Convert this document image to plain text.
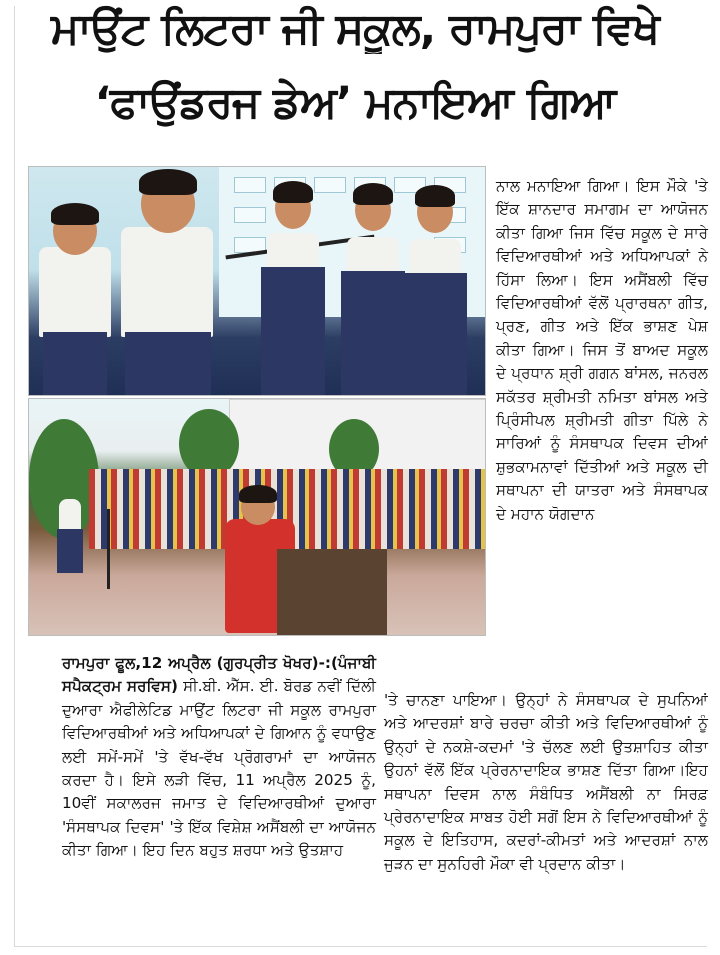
ਮਾਉਂਟ ਲਿਟਰਾ ਜੀ ਸਕੂਲ, ਰਾਮਪੁਰਾ ਵਿਖੇ
‘ਫਾਉਂਡਰਜ ਡੇਅ’ ਮਨਾਇਆ ਗਿਆ

ਨਾਲ ਮਨਾਇਆ ਗਿਆ। ਇਸ ਮੌਕੇ 'ਤੇ ਇੱਕ ਸ਼ਾਨਦਾਰ ਸਮਾਗਮ ਦਾ ਆਯੋਜਨ ਕੀਤਾ ਗਿਆ ਜਿਸ ਵਿੱਚ ਸਕੂਲ ਦੇ ਸਾਰੇ ਵਿਦਿਆਰਥੀਆਂ ਅਤੇ ਅਧਿਆਪਕਾਂ ਨੇ ਹਿੱਸਾ ਲਿਆ। ਇਸ ਅਸੈਂਬਲੀ ਵਿੱਚ ਵਿਦਿਆਰਥੀਆਂ ਵੱਲੋਂ ਪ੍ਰਾਰਥਨਾ ਗੀਤ, ਪ੍ਰਣ, ਗੀਤ ਅਤੇ ਇੱਕ ਭਾਸ਼ਣ ਪੇਸ਼ ਕੀਤਾ ਗਿਆ। ਜਿਸ ਤੋਂ ਬਾਅਦ ਸਕੂਲ ਦੇ ਪ੍ਰਧਾਨ ਸ਼੍ਰੀ ਗਗਨ ਬਾਂਸਲ, ਜਨਰਲ ਸਕੱਤਰ ਸ਼੍ਰੀਮਤੀ ਨਮਿਤਾ ਬਾਂਸਲ ਅਤੇ ਪ੍ਰਿੰਸੀਪਲ ਸ਼੍ਰੀਮਤੀ ਗੀਤਾ ਪਿੱਲੇ ਨੇ ਸਾਰਿਆਂ ਨੂੰ ਸੰਸਥਾਪਕ ਦਿਵਸ ਦੀਆਂ ਸ਼ੁਭਕਾਮਨਾਵਾਂ ਦਿੱਤੀਆਂ ਅਤੇ ਸਕੂਲ ਦੀ ਸਥਾਪਨਾ ਦੀ ਯਾਤਰਾ ਅਤੇ ਸੰਸਥਾਪਕ ਦੇ ਮਹਾਨ ਯੋਗਦਾਨ

ਰਾਮਪੁਰਾ ਫੂਲ,12 ਅਪ੍ਰੈਲ (ਗੁਰਪ੍ਰੀਤ ਖੋਖਰ)-:(ਪੰਜਾਬੀ ਸਪੈਕਟ੍ਰਮ ਸਰਵਿਸ) ਸੀ.ਬੀ. ਐੱਸ. ਈ. ਬੋਰਡ ਨਵੀਂ ਦਿੱਲੀ ਦੁਆਰਾ ਐਫੀਲੇਟਿਡ ਮਾਉਂਟ ਲਿਟਰਾ ਜੀ ਸਕੂਲ ਰਾਮਪੁਰਾ ਵਿਦਿਆਰਥੀਆਂ ਅਤੇ ਅਧਿਆਪਕਾਂ ਦੇ ਗਿਆਨ ਨੂੰ ਵਧਾਉਣ ਲਈ ਸਮੇਂ-ਸਮੇਂ 'ਤੇ ਵੱਖ-ਵੱਖ ਪ੍ਰੋਗਰਾਮਾਂ ਦਾ ਆਯੋਜਨ ਕਰਦਾ ਹੈ। ਇਸੇ ਲੜੀ ਵਿੱਚ, 11 ਅਪ੍ਰੈਲ 2025 ਨੂੰ, 10ਵੀਂ ਸਕਾਲਰਜ ਜਮਾਤ ਦੇ ਵਿਦਿਆਰਥੀਆਂ ਦੁਆਰਾ 'ਸੰਸਥਾਪਕ ਦਿਵਸ' 'ਤੇ ਇੱਕ ਵਿਸ਼ੇਸ਼ ਅਸੈਂਬਲੀ ਦਾ ਆਯੋਜਨ ਕੀਤਾ ਗਿਆ। ਇਹ ਦਿਨ ਬਹੁਤ ਸ਼ਰਧਾ ਅਤੇ ਉਤਸ਼ਾਹ

'ਤੇ ਚਾਨਣਾ ਪਾਇਆ। ਉਨ੍ਹਾਂ ਨੇ ਸੰਸਥਾਪਕ ਦੇ ਸੁਪਨਿਆਂ ਅਤੇ ਆਦਰਸ਼ਾਂ ਬਾਰੇ ਚਰਚਾ ਕੀਤੀ ਅਤੇ ਵਿਦਿਆਰਥੀਆਂ ਨੂੰ ਉਨ੍ਹਾਂ ਦੇ ਨਕਸ਼ੇ-ਕਦਮਾਂ 'ਤੇ ਚੱਲਣ ਲਈ ਉਤਸ਼ਾਹਿਤ ਕੀਤਾ ਉਹਨਾਂ ਵੱਲੋਂ ਇੱਕ ਪ੍ਰੇਰਨਾਦਾਇਕ ਭਾਸ਼ਣ ਦਿੱਤਾ ਗਿਆ।ਇਹ ਸਥਾਪਨਾ ਦਿਵਸ ਨਾਲ ਸੰਬੰਧਿਤ ਅਸੈਂਬਲੀ ਨਾ ਸਿਰਫ਼ ਪ੍ਰੇਰਨਾਦਾਇਕ ਸਾਬਤ ਹੋਈ ਸਗੋਂ ਇਸ ਨੇ ਵਿਦਿਆਰਥੀਆਂ ਨੂੰ ਸਕੂਲ ਦੇ ਇਤਿਹਾਸ, ਕਦਰਾਂ-ਕੀਮਤਾਂ ਅਤੇ ਆਦਰਸ਼ਾਂ ਨਾਲ ਜੁੜਨ ਦਾ ਸੁਨਹਿਰੀ ਮੌਕਾ ਵੀ ਪ੍ਰਦਾਨ ਕੀਤਾ।
